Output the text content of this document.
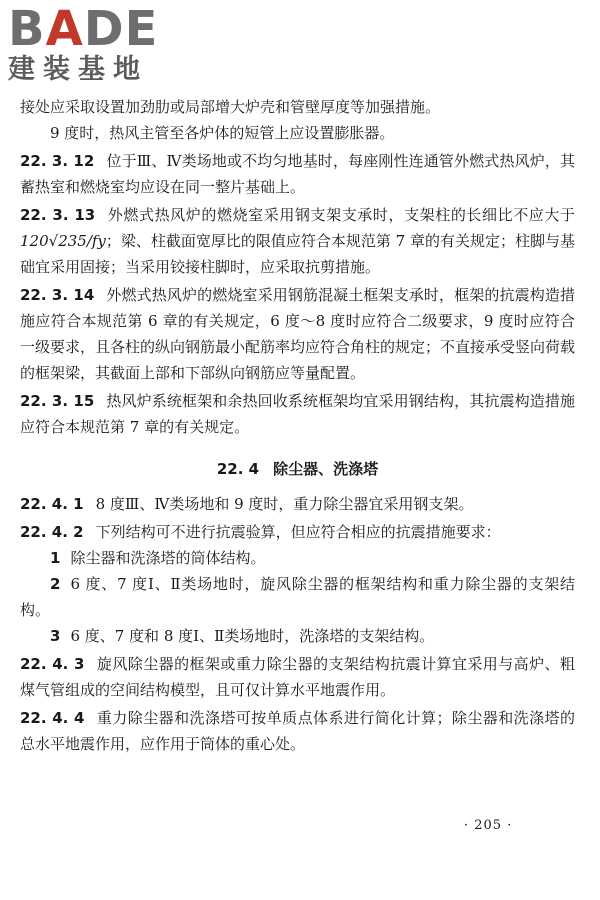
BADE
建装基地

接处应采取设置加劲肋或局部增大炉壳和管壁厚度等加强措施。

9 度时，热风主管至各炉体的短管上应设置膨胀器。

22. 3. 12 位于Ⅲ、Ⅳ类场地或不均匀地基时，每座刚性连通管外燃式热风炉，其蓄热室和燃烧室均应设在同一整片基础上。

22. 3. 13 外燃式热风炉的燃烧室采用钢支架支承时，支架柱的长细比不应大于 120√235/fy；梁、柱截面宽厚比的限值应符合本规范第 7 章的有关规定；柱脚与基础宜采用固接；当采用铰接柱脚时，应采取抗剪措施。

22. 3. 14 外燃式热风炉的燃烧室采用钢筋混凝土框架支承时，框架的抗震构造措施应符合本规范第 6 章的有关规定，6 度～8 度时应符合二级要求，9 度时应符合一级要求，且各柱的纵向钢筋最小配筋率均应符合角柱的规定；不直接承受竖向荷载的框架梁，其截面上部和下部纵向钢筋应等量配置。

22. 3. 15 热风炉系统框架和余热回收系统框架均宜采用钢结构，其抗震构造措施应符合本规范第 7 章的有关规定。

22. 4 除尘器、洗涤塔

22. 4. 1 8 度Ⅲ、Ⅳ类场地和 9 度时，重力除尘器宜采用钢支架。

22. 4. 2 下列结构可不进行抗震验算，但应符合相应的抗震措施要求：

1 除尘器和洗涤塔的筒体结构。

2 6 度、7 度Ⅰ、Ⅱ类场地时，旋风除尘器的框架结构和重力除尘器的支架结构。

3 6 度、7 度和 8 度Ⅰ、Ⅱ类场地时，洗涤塔的支架结构。

22. 4. 3 旋风除尘器的框架或重力除尘器的支架结构抗震计算宜采用与高炉、粗煤气管组成的空间结构模型，且可仅计算水平地震作用。

22. 4. 4 重力除尘器和洗涤塔可按单质点体系进行简化计算；除尘器和洗涤塔的总水平地震作用，应作用于筒体的重心处。

· 205 ·
